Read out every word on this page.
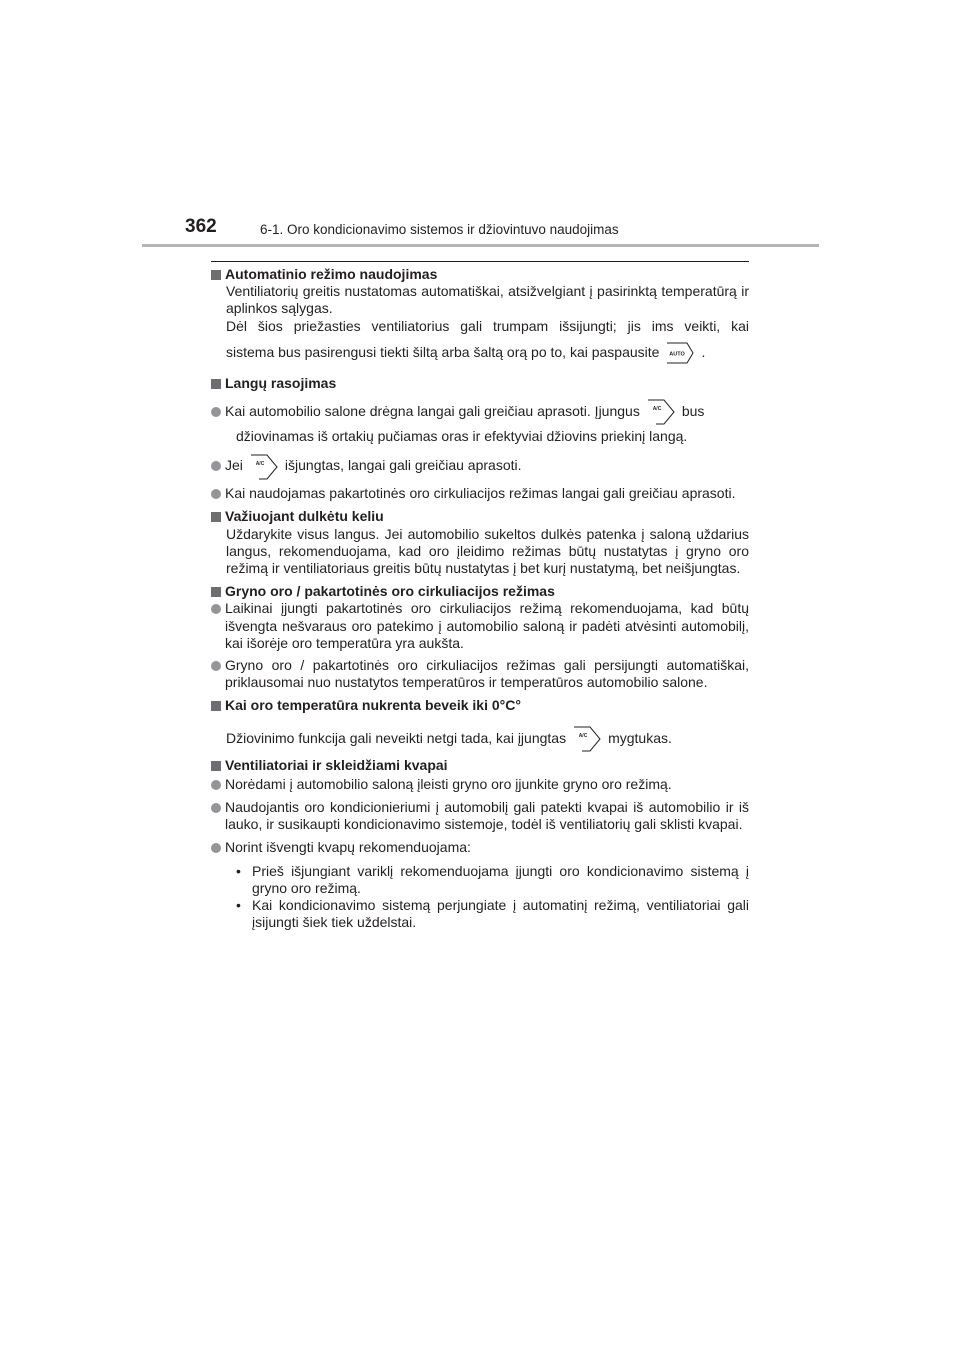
362	6-1. Oro kondicionavimo sistemos ir džiovintuvo naudojimas
Automatinio režimo naudojimas
Ventiliatorių greitis nustatomas automatiškai, atsižvelgiant į pasirinktą temperatūrą ir aplinkos sąlygas.
Dėl šios priežasties ventiliatorius gali trumpam išsijungti; jis ims veikti, kai
sistema bus pasirengusi tiekti šiltą arba šaltą orą po to, kai paspausite AUTO .
Langų rasojimas
Kai automobilio salone drėgna langai gali greičiau aprasoti. Įjungus	A/C bus
džiovinamas iš ortakių pučiamas oras ir efektyviai džiovins priekinį langą.
Jei	A/C išjungtas, langai gali greičiau aprasoti.
Kai naudojamas pakartotinės oro cirkuliacijos režimas langai gali greičiau aprasoti.
Važiuojant dulkėtu keliu
Uždarykite visus langus. Jei automobilio sukeltos dulkės patenka į saloną uždarius langus, rekomenduojama, kad oro įleidimo režimas būtų nustatytas į gryno oro režimą ir ventiliatoriaus greitis būtų nustatytas į bet kurį nustatymą, bet neišjungtas.
Gryno oro / pakartotinės oro cirkuliacijos režimas
Laikinai įjungti pakartotinės oro cirkuliacijos režimą rekomenduojama, kad būtų išvengta nešvaraus oro patekimo į automobilio saloną ir padėti atvėsinti automobilį, kai išorėje oro temperatūra yra aukšta.
Gryno oro / pakartotinės oro cirkuliacijos režimas gali persijungti automatiškai, priklausomai nuo nustatytos temperatūros ir temperatūros automobilio salone.
Kai oro temperatūra nukrenta beveik iki 0°C°
Džiovinimo funkcija gali neveikti netgi tada, kai įjungtas	A/C mygtukas.
Ventiliatoriai ir skleidžiami kvapai
Norėdami į automobilio saloną įleisti gryno oro įjunkite gryno oro režimą.
Naudojantis oro kondicionieriumi į automobilį gali patekti kvapai iš automobilio ir iš lauko, ir susikaupti kondicionavimo sistemoje, todėl iš ventiliatorių gali sklisti kvapai.
Norint išvengti kvapų rekomenduojama:
• Prieš išjungiant variklį rekomenduojama įjungti oro kondicionavimo sistemą į gryno oro režimą.
• Kai kondicionavimo sistemą perjungiate į automatinį režimą, ventiliatoriai gali įsijungti šiek tiek uždelstai.
